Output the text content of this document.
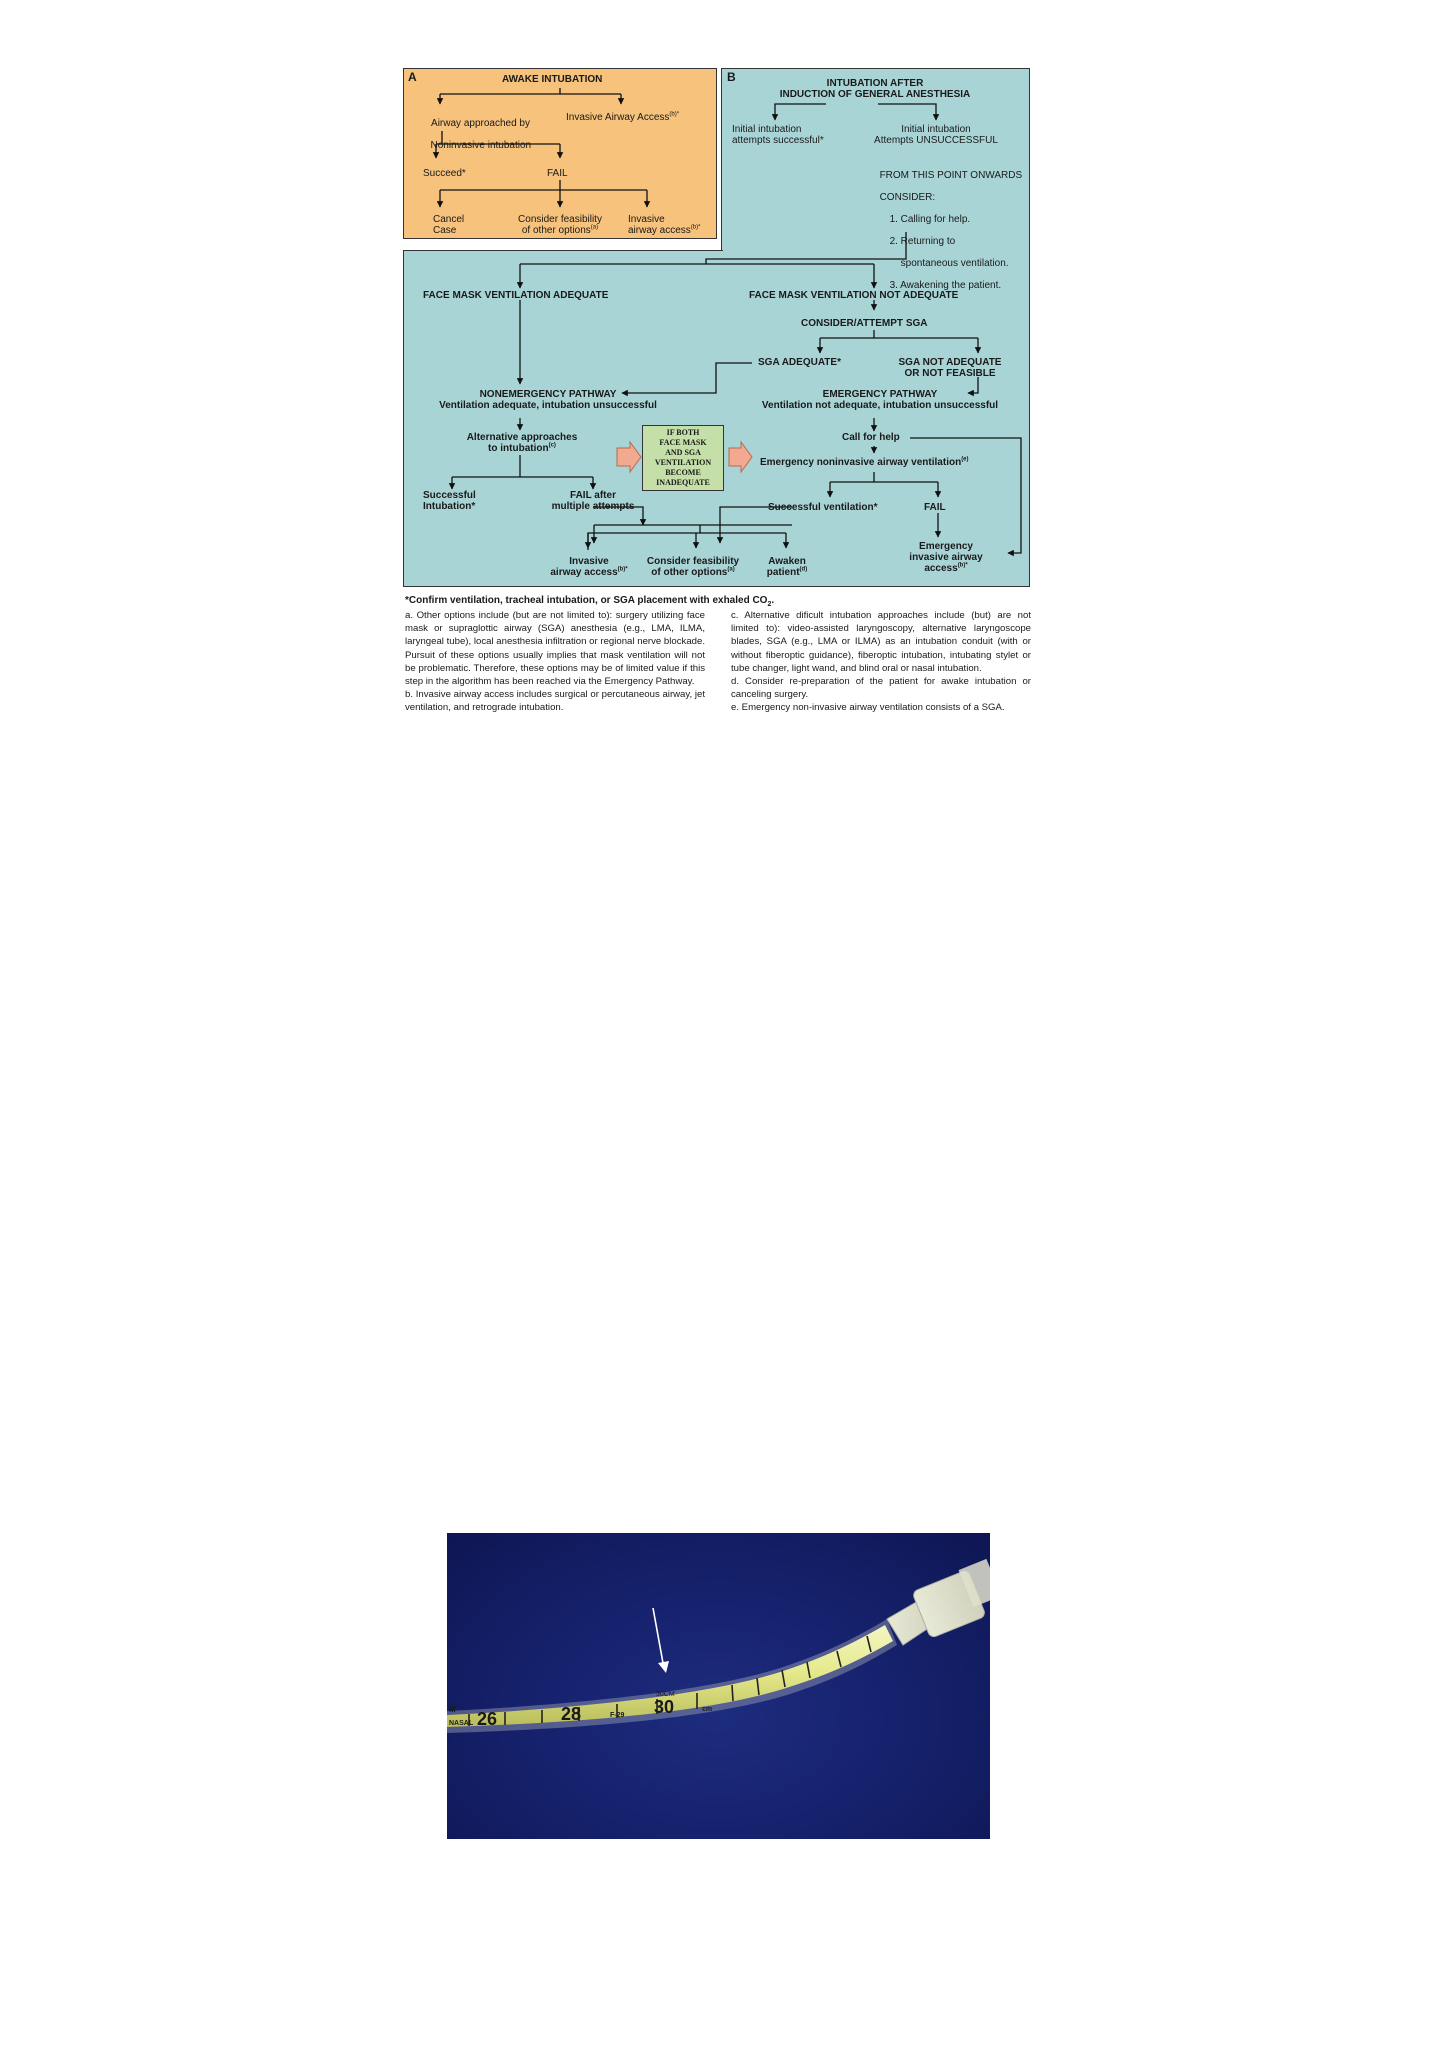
A	AWAKE INTUBATION

Airway approached by

Noninvasive intubation

Invasive Airway Access$^{(b)*}$
Succeed*	FAIL
Cancel
Case
Consider feasibility
of other options$^{(a)}$
Invasive
airway access$^{(b)*}$
B	INTUBATION AFTER
INDUCTION OF GENERAL ANESTHESIA
Initial intubation
attempts successful*
Initial intubation
Attempts UNSUCCESSFUL

FROM THIS POINT ONWARDS

CONSIDER:

1. Calling for help.

2. Returning to

spontaneous ventilation.

3. Awakening the patient.

FACE MASK VENTILATION ADEQUATE	FACE MASK VENTILATION NOT ADEQUATE
CONSIDER/ATTEMPT SGA
SGA ADEQUATE*	SGA NOT ADEQUATE
OR NOT FEASIBLE
NONEMERGENCY PATHWAY
Ventilation adequate, intubation unsuccessful
EMERGENCY PATHWAY
Ventilation not adequate, intubation unsuccessful
Alternative approaches
to intubation$^{(c)}$
IF BOTH
FACE MASK
AND SGA
VENTILATION
BECOME
INADEQUATE
Call for help
Emergency noninvasive airway ventilation$^{(e)}$
Successful
Intubation*
FAIL after
multiple attempts	Successful ventilation*	FAIL
Invasive
airway access$^{(b)*}$
Consider feasibility
of other options$^{(a)}$
Awaken
patient$^{(d)}$
Emergency
invasive airway
access$^{(b)*}$
*Confirm ventilation, tracheal intubation, or SGA placement with exhaled $CO_2$.
a. Other options include (but are not limited to): surgery utilizing face mask or supraglottic airway (SGA) anesthesia (e.g., LMA, ILMA, laryngeal tube), local anesthesia infiltration or regional nerve blockade. Pursuit of these options usually implies that mask ventilation will not be problematic. Therefore, these options may be of limited value if this step in the algorithm has been reached via the Emergency Pathway.
b. Invasive airway access includes surgical or percutaneous airway, jet ventilation, and retrograde intubation.
c. Alternative dificult intubation approaches include (but) are not limited to): video-assisted laryngoscopy, alternative laryngoscope blades, SGA (e.g., LMA or ILMA) as an intubation conduit (with or without fiberoptic guidance), fiberoptic intubation, intubating stylet or tube changer, light wand, and blind oral or nasal intubation.
d. Consider re-preparation of the patient for awake intubation or canceling surgery.
e. Emergency non-invasive airway ventilation consists of a SGA.
26	28	30
NASAL
F-29
30CM
cm
M
